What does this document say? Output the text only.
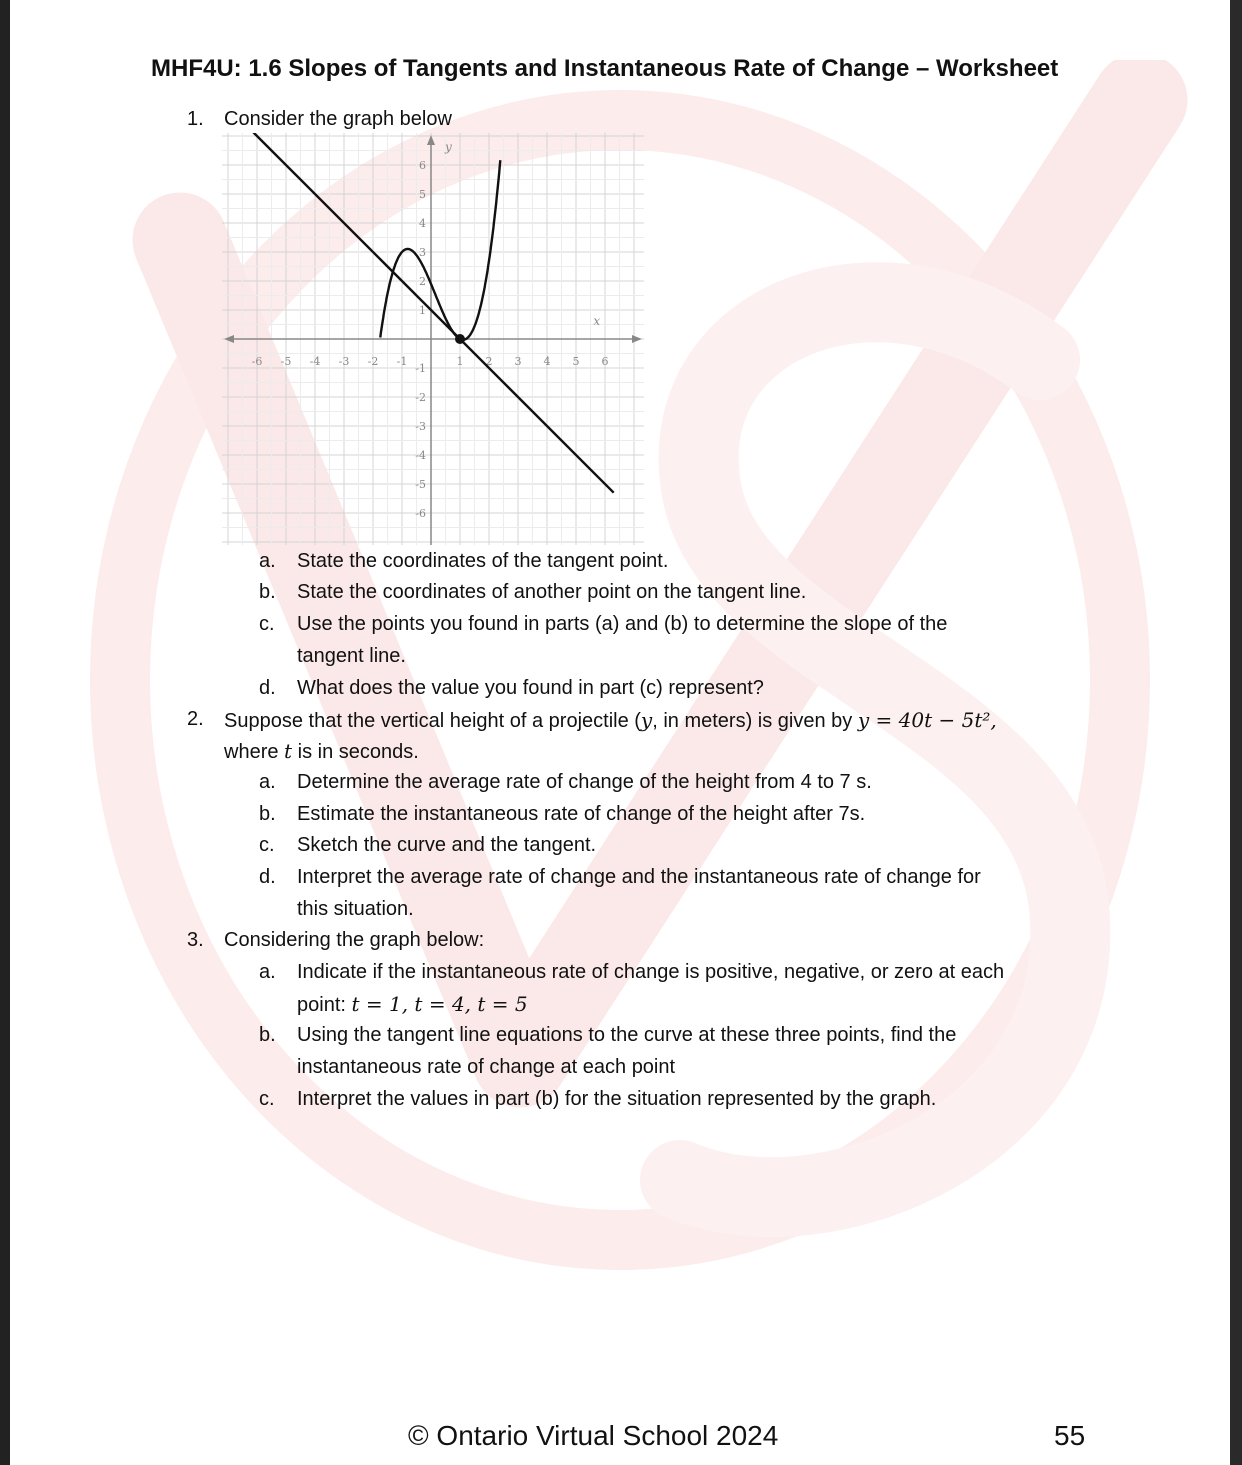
MHF4U: 1.6 Slopes of Tangents and Instantaneous Rate of Change – Worksheet
1. Consider the graph below
-6 -5 -4 -3 -2 -1	1 2 3 4 5 6
6
5
4
3
2
1
-1
-2
-3
-4
-5
-6
x
y
a. State the coordinates of the tangent point.
b. State the coordinates of another point on the tangent line.
c. Use the points you found in parts (a) and (b) to determine the slope of the
tangent line.
d. What does the value you found in part (c) represent?
2. Suppose that the vertical height of a projectile (y, in meters) is given by y = 40t − 5t²,
where t is in seconds.
a. Determine the average rate of change of the height from 4 to 7 s.
b. Estimate the instantaneous rate of change of the height after 7s.
c. Sketch the curve and the tangent.
d. Interpret the average rate of change and the instantaneous rate of change for
this situation.
3. Considering the graph below:
a. Indicate if the instantaneous rate of change is positive, negative, or zero at each
point: t = 1, t = 4, t = 5
b. Using the tangent line equations to the curve at these three points, find the
instantaneous rate of change at each point
c. Interpret the values in part (b) for the situation represented by the graph.
© Ontario Virtual School 2024	55
